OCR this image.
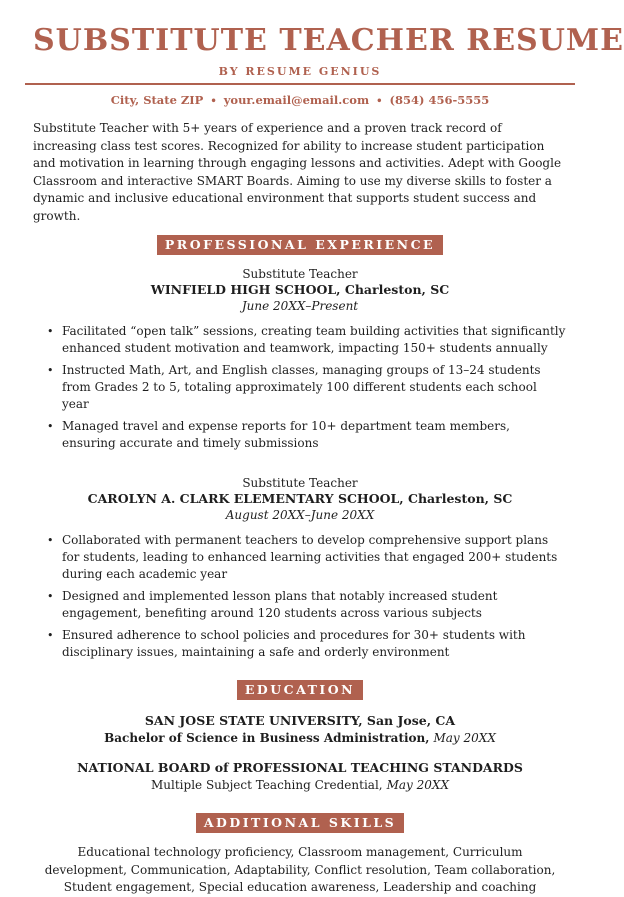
SUBSTITUTE TEACHER RESUME
BY RESUME GENIUS
City, State ZIP • your.email@email.com • (854) 456-5555

Substitute Teacher with 5+ years of experience and a proven track record of increasing class test scores. Recognized for ability to increase student participation and motivation in learning through engaging lessons and activities. Adept with Google Classroom and interactive SMART Boards. Aiming to use my diverse skills to foster a dynamic and inclusive educational environment that supports student success and growth.

PROFESSIONAL EXPERIENCE
Substitute Teacher
WINFIELD HIGH SCHOOL, Charleston, SC
June 20XX–Present
• Facilitated “open talk” sessions, creating team building activities that significantly enhanced student motivation and teamwork, impacting 150+ students annually
• Instructed Math, Art, and English classes, managing groups of 13–24 students from Grades 2 to 5, totaling approximately 100 different students each school year
• Managed travel and expense reports for 10+ department team members, ensuring accurate and timely submissions
Substitute Teacher
CAROLYN A. CLARK ELEMENTARY SCHOOL, Charleston, SC
August 20XX–June 20XX
• Collaborated with permanent teachers to develop comprehensive support plans for students, leading to enhanced learning activities that engaged 200+ students during each academic year
• Designed and implemented lesson plans that notably increased student engagement, benefiting around 120 students across various subjects
• Ensured adherence to school policies and procedures for 30+ students with disciplinary issues, maintaining a safe and orderly environment
EDUCATION
SAN JOSE STATE UNIVERSITY, San Jose, CA
Bachelor of Science in Business Administration, May 20XX
NATIONAL BOARD of PROFESSIONAL TEACHING STANDARDS
Multiple Subject Teaching Credential, May 20XX
ADDITIONAL SKILLS

Educational technology proficiency, Classroom management, Curriculum development, Communication, Adaptability, Conflict resolution, Team collaboration, Student engagement, Special education awareness, Leadership and coaching
